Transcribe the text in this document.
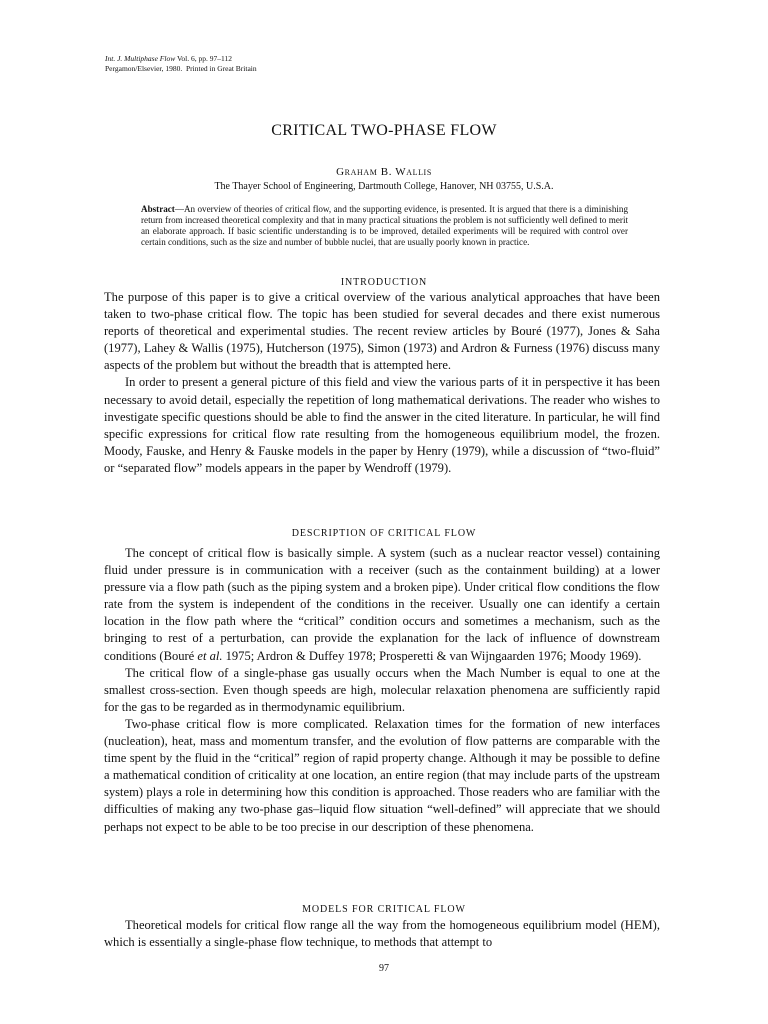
Int. J. Multiphase Flow Vol. 6, pp. 97–112
Pergamon/Elsevier, 1980. Printed in Great Britain
CRITICAL TWO-PHASE FLOW
Graham B. Wallis
The Thayer School of Engineering, Dartmouth College, Hanover, NH 03755, U.S.A.
Abstract—An overview of theories of critical flow, and the supporting evidence, is presented. It is argued that there is a diminishing return from increased theoretical complexity and that in many practical situations the problem is not sufficiently well defined to merit an elaborate approach. If basic scientific understanding is to be improved, detailed experiments will be required with control over certain conditions, such as the size and number of bubble nuclei, that are usually poorly known in practice.
INTRODUCTION

The purpose of this paper is to give a critical overview of the various analytical approaches that have been taken to two-phase critical flow. The topic has been studied for several decades and there exist numerous reports of theoretical and experimental studies. The recent review articles by Bouré (1977), Jones & Saha (1977), Lahey & Wallis (1975), Hutcherson (1975), Simon (1973) and Ardron & Furness (1976) discuss many aspects of the problem but without the breadth that is attempted here.

In order to present a general picture of this field and view the various parts of it in perspective it has been necessary to avoid detail, especially the repetition of long mathematical derivations. The reader who wishes to investigate specific questions should be able to find the answer in the cited literature. In particular, he will find specific expressions for critical flow rate resulting from the homogeneous equilibrium model, the frozen. Moody, Fauske, and Henry & Fauske models in the paper by Henry (1979), while a discussion of “two-fluid” or “separated flow” models appears in the paper by Wendroff (1979).

DESCRIPTION OF CRITICAL FLOW

The concept of critical flow is basically simple. A system (such as a nuclear reactor vessel) containing fluid under pressure is in communication with a receiver (such as the containment building) at a lower pressure via a flow path (such as the piping system and a broken pipe). Under critical flow conditions the flow rate from the system is independent of the conditions in the receiver. Usually one can identify a certain location in the flow path where the “critical” condition occurs and sometimes a mechanism, such as the bringing to rest of a perturbation, can provide the explanation for the lack of influence of downstream conditions (Bouré et al. 1975; Ardron & Duffey 1978; Prosperetti & van Wijngaarden 1976; Moody 1969).

The critical flow of a single-phase gas usually occurs when the Mach Number is equal to one at the smallest cross-section. Even though speeds are high, molecular relaxation phenomena are sufficiently rapid for the gas to be regarded as in thermodynamic equilibrium.

Two-phase critical flow is more complicated. Relaxation times for the formation of new interfaces (nucleation), heat, mass and momentum transfer, and the evolution of flow patterns are comparable with the time spent by the fluid in the “critical” region of rapid property change. Although it may be possible to define a mathematical condition of criticality at one location, an entire region (that may include parts of the upstream system) plays a role in determining how this condition is approached. Those readers who are familiar with the difficulties of making any two-phase gas–liquid flow situation “well-defined” will appreciate that we should perhaps not expect to be able to be too precise in our description of these phenomena.

MODELS FOR CRITICAL FLOW

Theoretical models for critical flow range all the way from the homogeneous equilibrium model (HEM), which is essentially a single-phase flow technique, to methods that attempt to

97
